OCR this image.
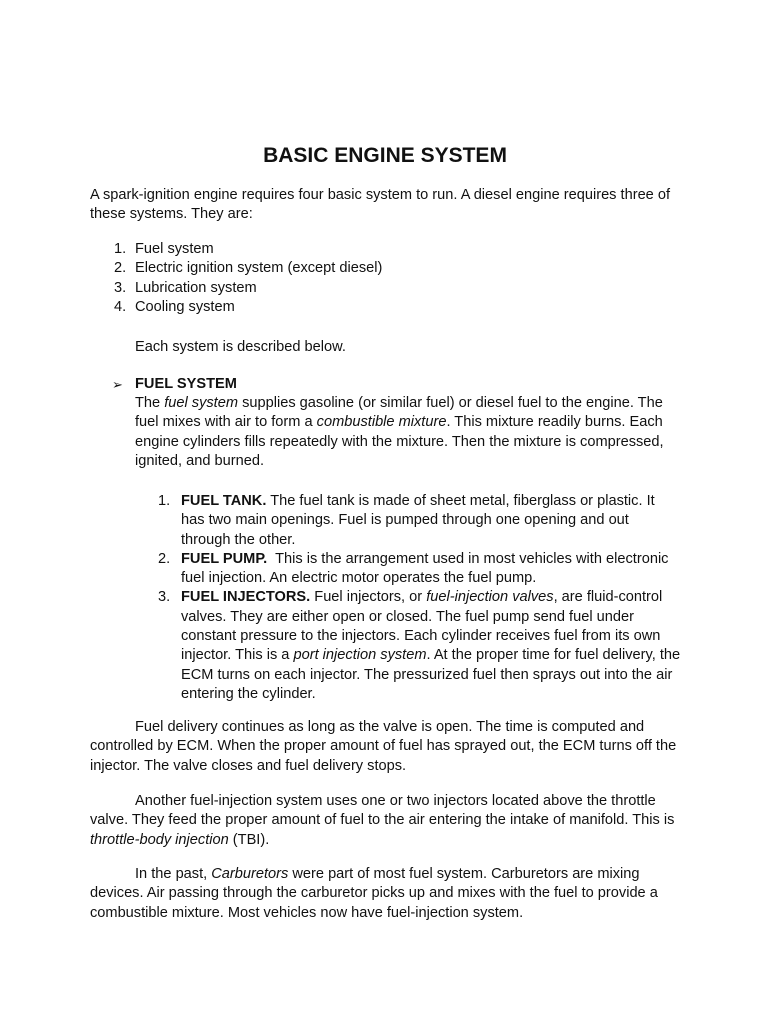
BASIC ENGINE SYSTEM

A spark-ignition engine requires four basic system to run. A diesel engine requires three of these systems. They are:

1. Fuel system
2. Electric ignition system (except diesel)
3. Lubrication system
4. Cooling system

Each system is described below.

➢ FUEL SYSTEM

The fuel system supplies gasoline (or similar fuel) or diesel fuel to the engine. The fuel mixes with air to form a combustible mixture. This mixture readily burns. Each engine cylinders fills repeatedly with the mixture. Then the mixture is compressed, ignited, and burned.

1. FUEL TANK. The fuel tank is made of sheet metal, fiberglass or plastic. It has two main openings. Fuel is pumped through one opening and out through the other.
2. FUEL PUMP.  This is the arrangement used in most vehicles with electronic fuel injection. An electric motor operates the fuel pump.
3. FUEL INJECTORS. Fuel injectors, or fuel-injection valves, are fluid-control valves. They are either open or closed. The fuel pump send fuel under constant pressure to the injectors. Each cylinder receives fuel from its own injector. This is a port injection system. At the proper time for fuel delivery, the ECM turns on each injector. The pressurized fuel then sprays out into the air entering the cylinder.

Fuel delivery continues as long as the valve is open. The time is computed and controlled by ECM. When the proper amount of fuel has sprayed out, the ECM turns off the injector. The valve closes and fuel delivery stops.

Another fuel-injection system uses one or two injectors located above the throttle valve. They feed the proper amount of fuel to the air entering the intake of manifold. This is throttle-body injection (TBI).

In the past, Carburetors were part of most fuel system. Carburetors are mixing devices. Air passing through the carburetor picks up and mixes with the fuel to provide a combustible mixture. Most vehicles now have fuel-injection system.
